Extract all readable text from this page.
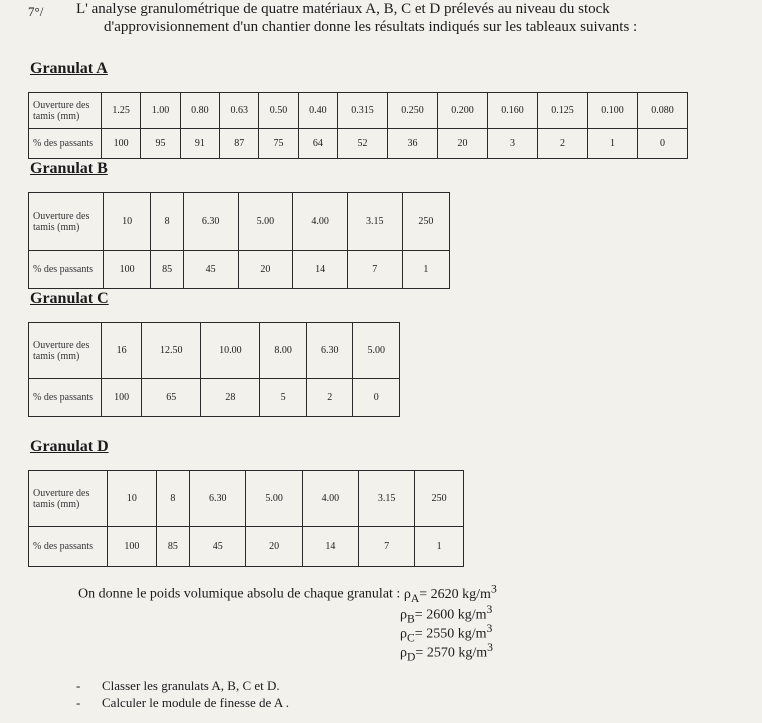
7°/ L' analyse granulométrique de quatre matériaux A, B, C et D prélevés au niveau du stock
d'approvisionnement d'un chantier donne les résultats indiqués sur les tableaux suivants :
Granulat A
Ouverture des tamis (mm)	1.25	1.00	0.80	0.63	0.50	0.40	0.315	0.250	0.200	0.160	0.125	0.100	0.080
% des passants	100	95	91	87	75	64	52	36	20	3	2	1	0
Granulat B
Ouverture des tamis (mm)	10	8	6.30	5.00	4.00	3.15	250
% des passants	100	85	45	20	14	7	1
Granulat C
Ouverture des tamis (mm)	16	12.50	10.00	8.00	6.30	5.00
% des passants	100	65	28	5	2	0
Granulat D
Ouverture des tamis (mm)	10	8	6.30	5.00	4.00	3.15	250
% des passants	100	85	45	20	14	7	1
On donne le poids volumique absolu de chaque granulat : $\rho_A= 2620$ $kg/m^3$
$\rho_B= 2600$ $kg/m^3$
$\rho_C= 2550$ $kg/m^3$
$\rho_D= 2570$ $kg/m^3$
- Classer les granulats A, B, C et D.
- Calculer le module de finesse de A .
